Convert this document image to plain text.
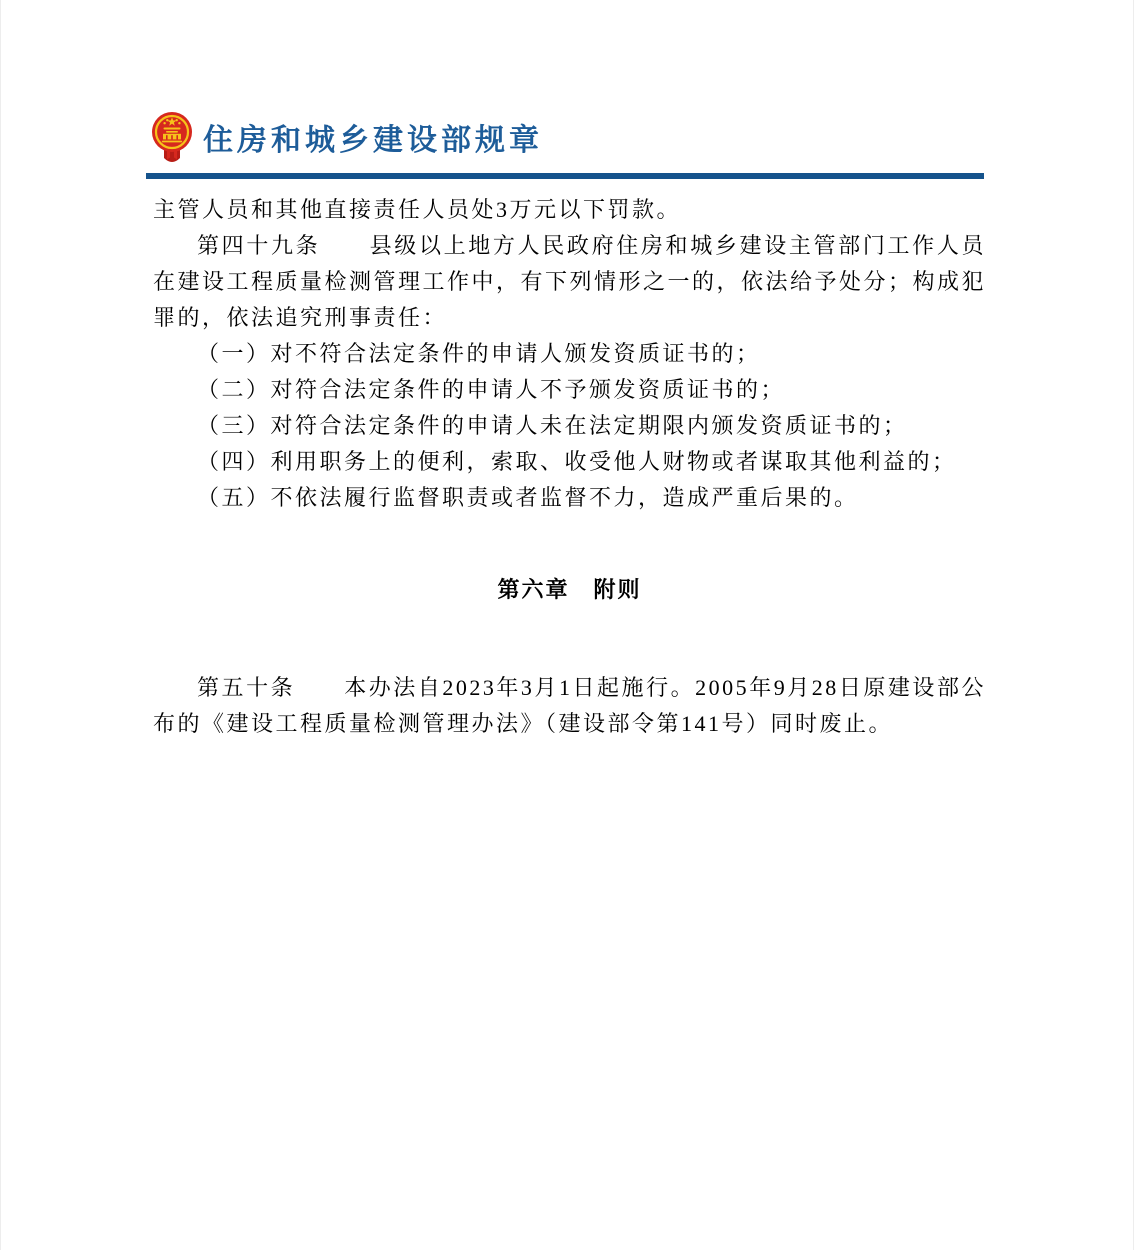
住房和城乡建设部规章

主管人员和其他直接责任人员处3万元以下罚款。

第四十九条　　县级以上地方人民政府住房和城乡建设主管部门工作人员在建设工程质量检测管理工作中，有下列情形之一的，依法给予处分；构成犯罪的，依法追究刑事责任：

（一）对不符合法定条件的申请人颁发资质证书的；

（二）对符合法定条件的申请人不予颁发资质证书的；

（三）对符合法定条件的申请人未在法定期限内颁发资质证书的；

（四）利用职务上的便利，索取、收受他人财物或者谋取其他利益的；

（五）不依法履行监督职责或者监督不力，造成严重后果的。

第六章　附则

第五十条　　本办法自2023年3月1日起施行。2005年9月28日原建设部公布的《建设工程质量检测管理办法》（建设部令第141号）同时废止。
